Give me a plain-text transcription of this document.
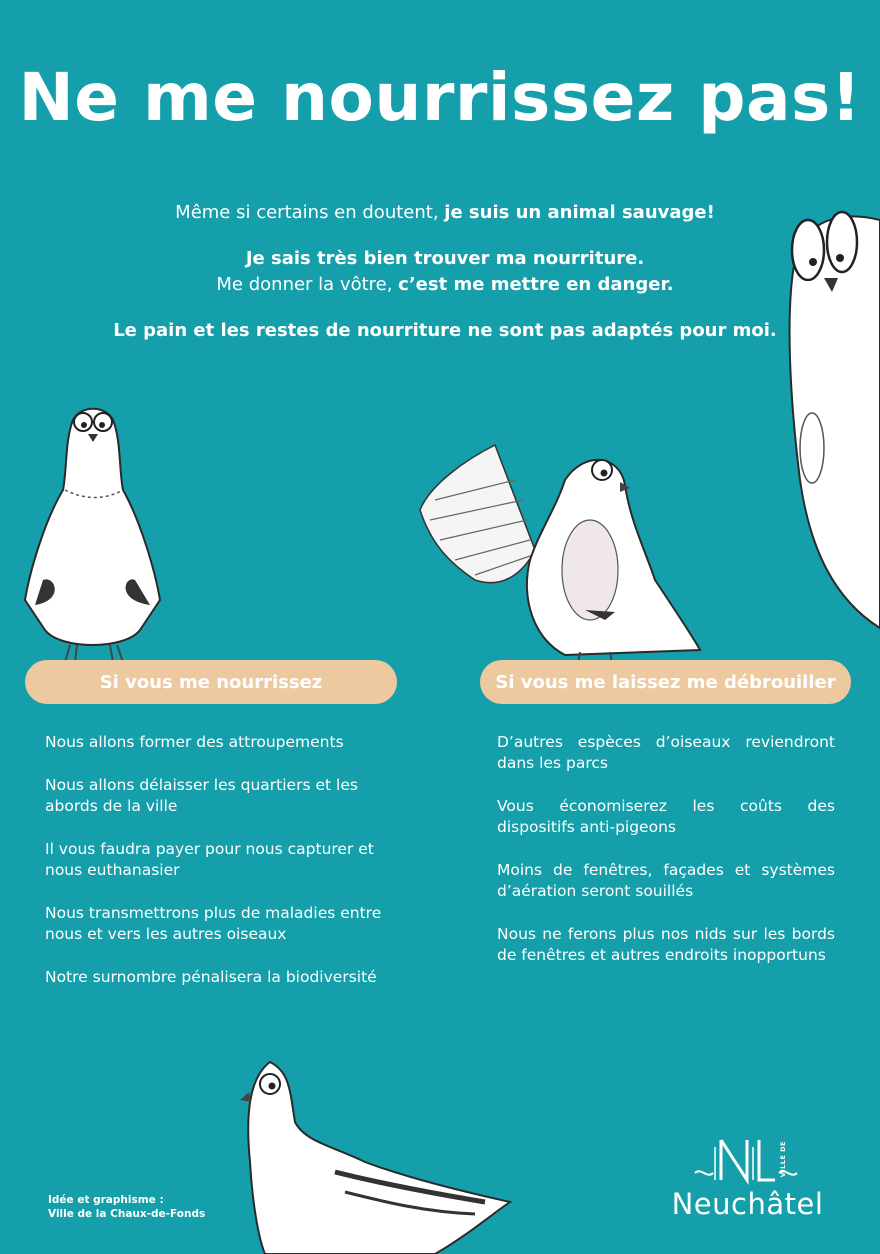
Ne me nourrissez pas!

Même si certains en doutent, je suis un animal sauvage!

Je sais très bien trouver ma nourriture.

Me donner la vôtre, c’est me mettre en danger.

Le pain et les restes de nourriture ne sont pas adaptés pour moi.

Si vous me nourrissez	Si vous me laissez me débrouiller

Nous allons former des attroupements

Nous allons délaisser les quartiers et les abords de la ville

Il vous faudra payer pour nous capturer et nous euthanasier

Nous transmettrons plus de maladies entre nous et vers les autres oiseaux

Notre surnombre pénalisera la biodiversité

D’autres espèces d’oiseaux reviendront dans les parcs

Vous économiserez les coûts des dispositifs anti-pigeons

Moins de fenêtres, façades et systèmes d’aération seront souillés

Nous ne ferons plus nos nids sur les bords de fenêtres et autres endroits inopportuns

Idée et graphisme :
Ville de la Chaux-de-Fonds
VILLE DE
Neuchâtel
